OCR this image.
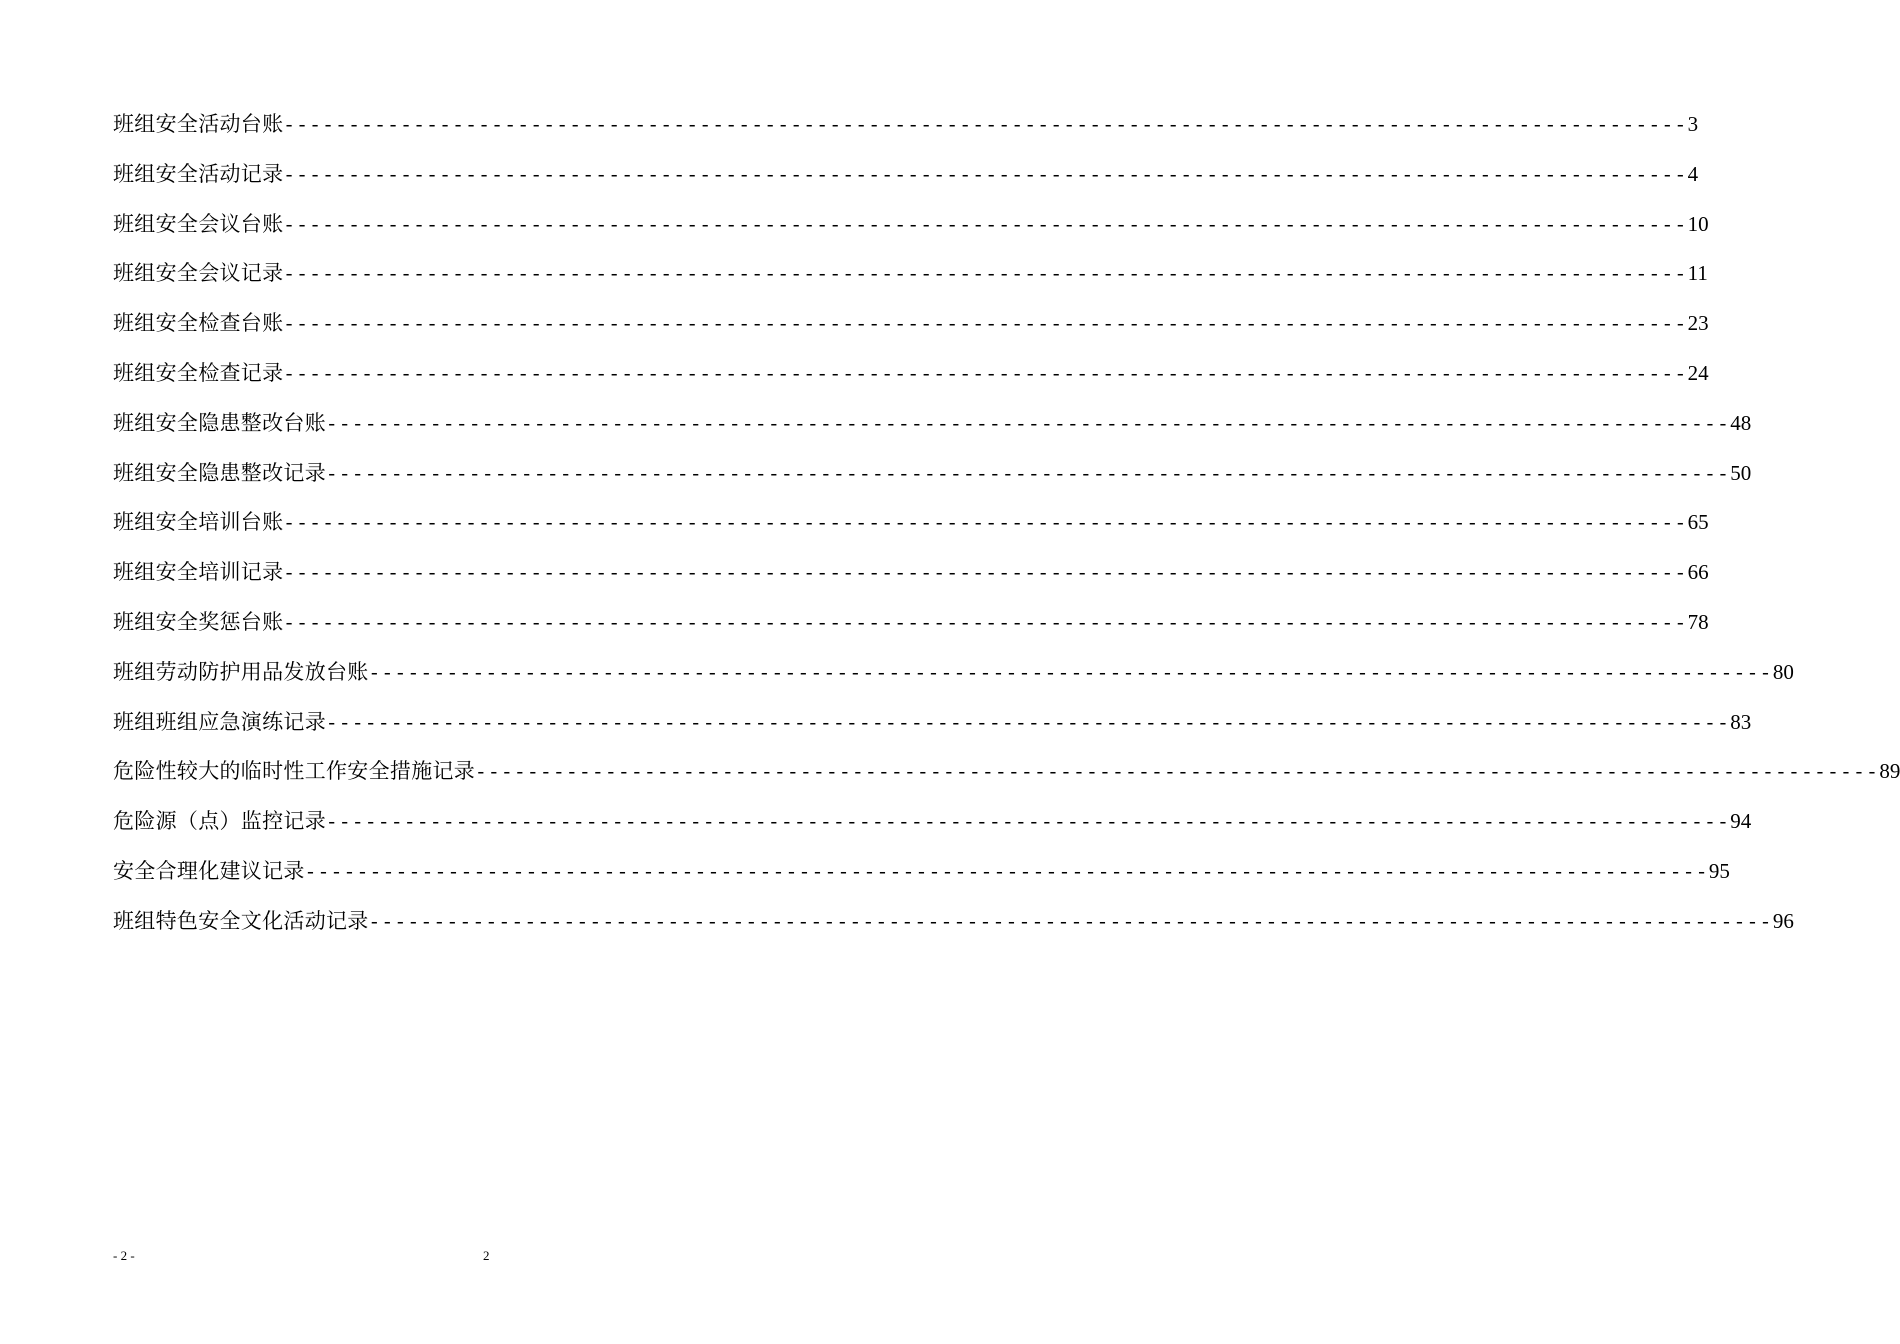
班组安全活动台账 ------------------------------------------------------------------------------------------------------------ 3
班组安全活动记录 ------------------------------------------------------------------------------------------------------------ 4
班组安全会议台账 ------------------------------------------------------------------------------------------------------------ 10
班组安全会议记录 ------------------------------------------------------------------------------------------------------------ 11
班组安全检查台账 ------------------------------------------------------------------------------------------------------------ 23
班组安全检查记录 ------------------------------------------------------------------------------------------------------------ 24
班组安全隐患整改台账 ------------------------------------------------------------------------------------------------------------ 48
班组安全隐患整改记录 ------------------------------------------------------------------------------------------------------------ 50
班组安全培训台账 ------------------------------------------------------------------------------------------------------------ 65
班组安全培训记录 ------------------------------------------------------------------------------------------------------------ 66
班组安全奖惩台账 ------------------------------------------------------------------------------------------------------------ 78
班组劳动防护用品发放台账 ------------------------------------------------------------------------------------------------------------ 80
班组班组应急演练记录 ------------------------------------------------------------------------------------------------------------ 83
危险性较大的临时性工作安全措施记录 ------------------------------------------------------------------------------------------------------------ 89
危险源（点）监控记录 ------------------------------------------------------------------------------------------------------------ 94
安全合理化建议记录 ------------------------------------------------------------------------------------------------------------ 95
班组特色安全文化活动记录 ------------------------------------------------------------------------------------------------------------ 96
- 2 -	2
